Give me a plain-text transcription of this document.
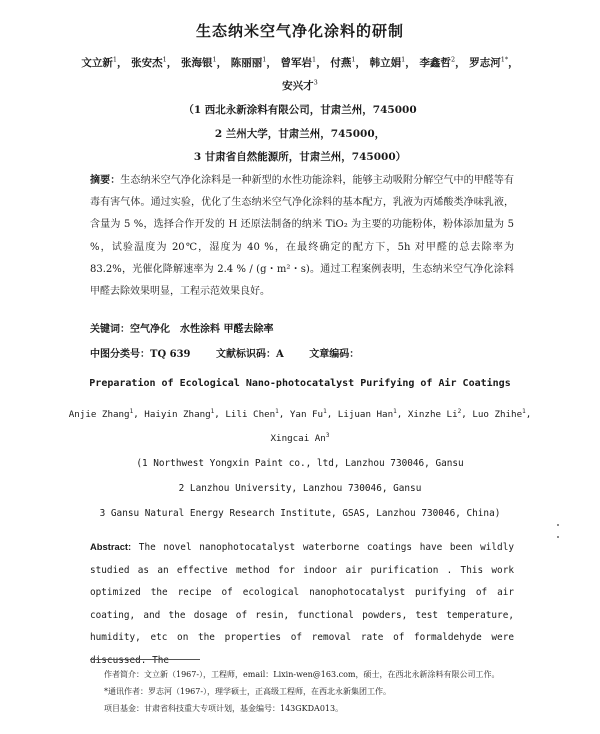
生态纳米空气净化涂料的研制
文立新$^1$， 张安杰$^1$， 张海银$^1$， 陈丽丽$^1$， 曾军岩$^1$， 付燕$^1$， 韩立娟$^1$， 李鑫哲$^2$， 罗志河$^{1*}$，
安兴才$^3$
（1 西北永新涂料有限公司，甘肃兰州，745000
2 兰州大学，甘肃兰州，745000，
3 甘肃省自然能源所，甘肃兰州，745000）
摘要：生态纳米空气净化涂料是一种新型的水性功能涂料，能够主动吸附分解空气中的甲醛等有毒有害气体。通过实验，优化了生态纳米空气净化涂料的基本配方，乳液为丙烯酸类净味乳液，含量为 5 %，选择合作开发的 H 还原法制备的纳米 TiO₂ 为主要的功能粉体，粉体添加量为 5 %，试验温度为 20℃，湿度为 40 %，在最终确定的配方下，5h 对甲醛的总去除率为 83.2%，光催化降解速率为 2.4 % / (g・m²・s)。通过工程案例表明，生态纳米空气净化涂料甲醛去除效果明显，工程示范效果良好。
关键词：空气净化　水性涂料 甲醛去除率
中图分类号：TQ 639	文献标识码：A	文章编码：
Preparation of Ecological Nano-photocatalyst Purifying of Air Coatings
Anjie Zhang$^1$, Haiyin Zhang$^1$, Lili Chen$^1$, Yan Fu$^1$, Lijuan Han$^1$, Xinzhe Li$^2$, Luo Zhihe$^1$,
Xingcai An$^3$
(1 Northwest Yongxin Paint co., ltd, Lanzhou 730046, Gansu
2 Lanzhou University, Lanzhou 730046, Gansu
3 Gansu Natural Energy Research Institute, GSAS, Lanzhou 730046, China)
Abstract: The novel nanophotocatalyst waterborne coatings have been wildly studied as an effective method for indoor air purification . This work optimized the recipe of ecological nanophotocatalyst purifying of air coating, and the dosage of resin, functional powders, test temperature, humidity, etc on the properties of removal rate of formaldehyde were discussed. The
作者简介：文立新（1967-），工程师，email：Lixin-wen@163.com，硕士，在西北永新涂料有限公司工作。
*通讯作者：罗志河（1967-），理学硕士，正高级工程师，在西北永新集团工作。
项目基金：甘肃省科技重大专项计划，基金编号：143GKDA013。
